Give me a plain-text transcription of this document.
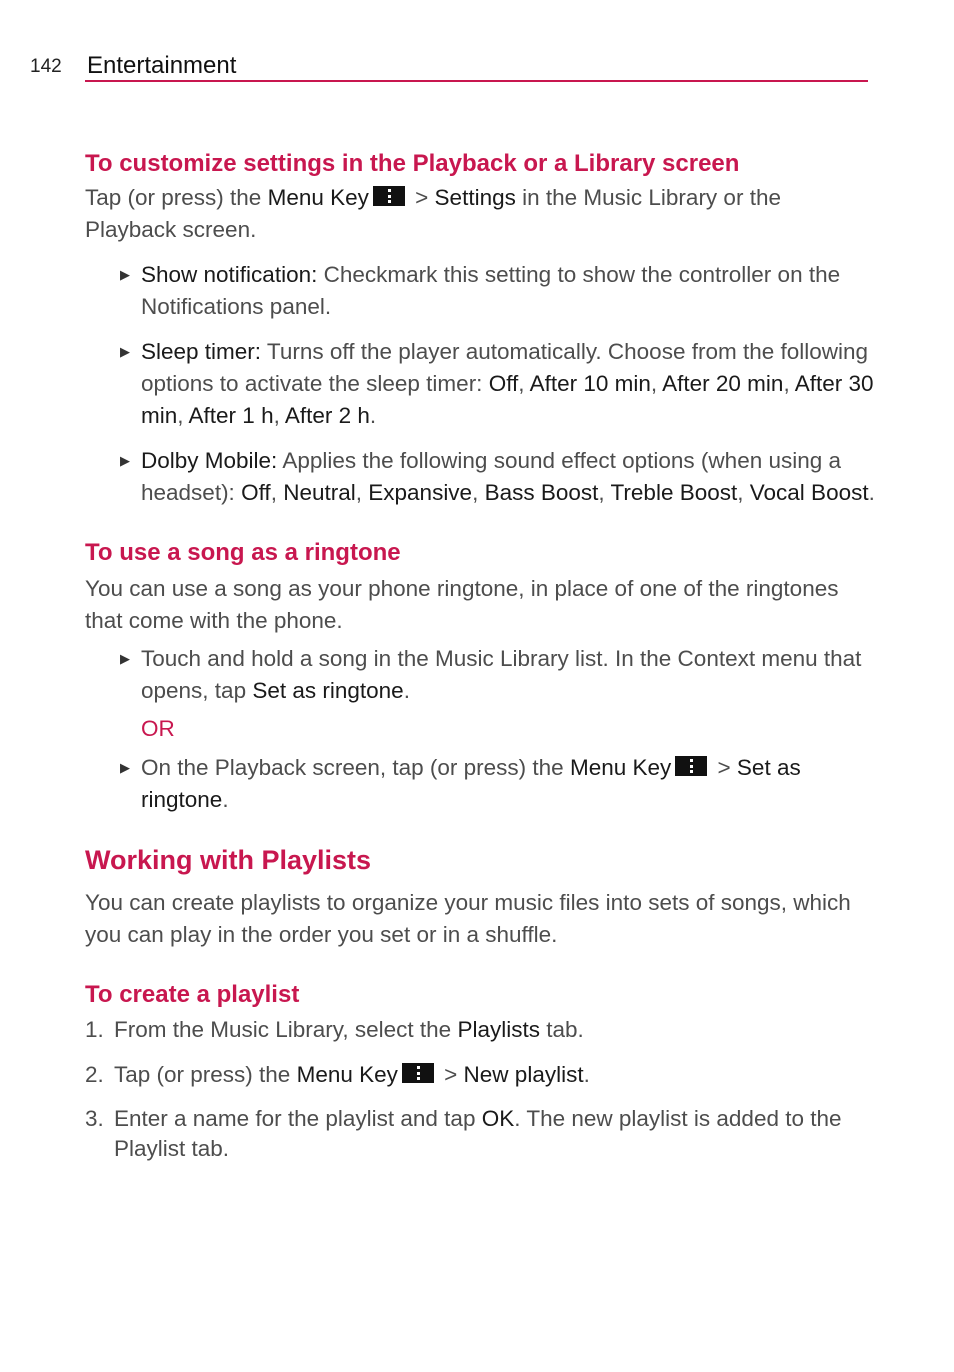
142 Entertainment
To customize settings in the Playback or a Library screen

Tap (or press) the Menu Key
> Settings in the Music Library or the Playback screen.

▶ Show notification: Checkmark this setting to show the controller on the Notifications panel.
▶ Sleep timer: Turns off the player automatically. Choose from the following options to activate the sleep timer: Off, After 10 min, After 20 min, After 30 min, After 1 h, After 2 h.
▶ Dolby Mobile: Applies the following sound effect options (when using a headset): Off, Neutral, Expansive, Bass Boost, Treble Boost, Vocal Boost.
To use a song as a ringtone

You can use a song as your phone ringtone, in place of one of the ringtones that come with the phone.

▶ Touch and hold a song in the Music Library list. In the Context menu that opens, tap Set as ringtone.
OR
▶ On the Playback screen, tap (or press) the Menu Key
> Set as ringtone.
Working with Playlists

You can create playlists to organize your music files into sets of songs, which you can play in the order you set or in a shuffle.

To create a playlist
1. From the Music Library, select the Playlists tab.
2. Tap (or press) the Menu Key
> New playlist.
3. Enter a name for the playlist and tap OK. The new playlist is added to the Playlist tab.
